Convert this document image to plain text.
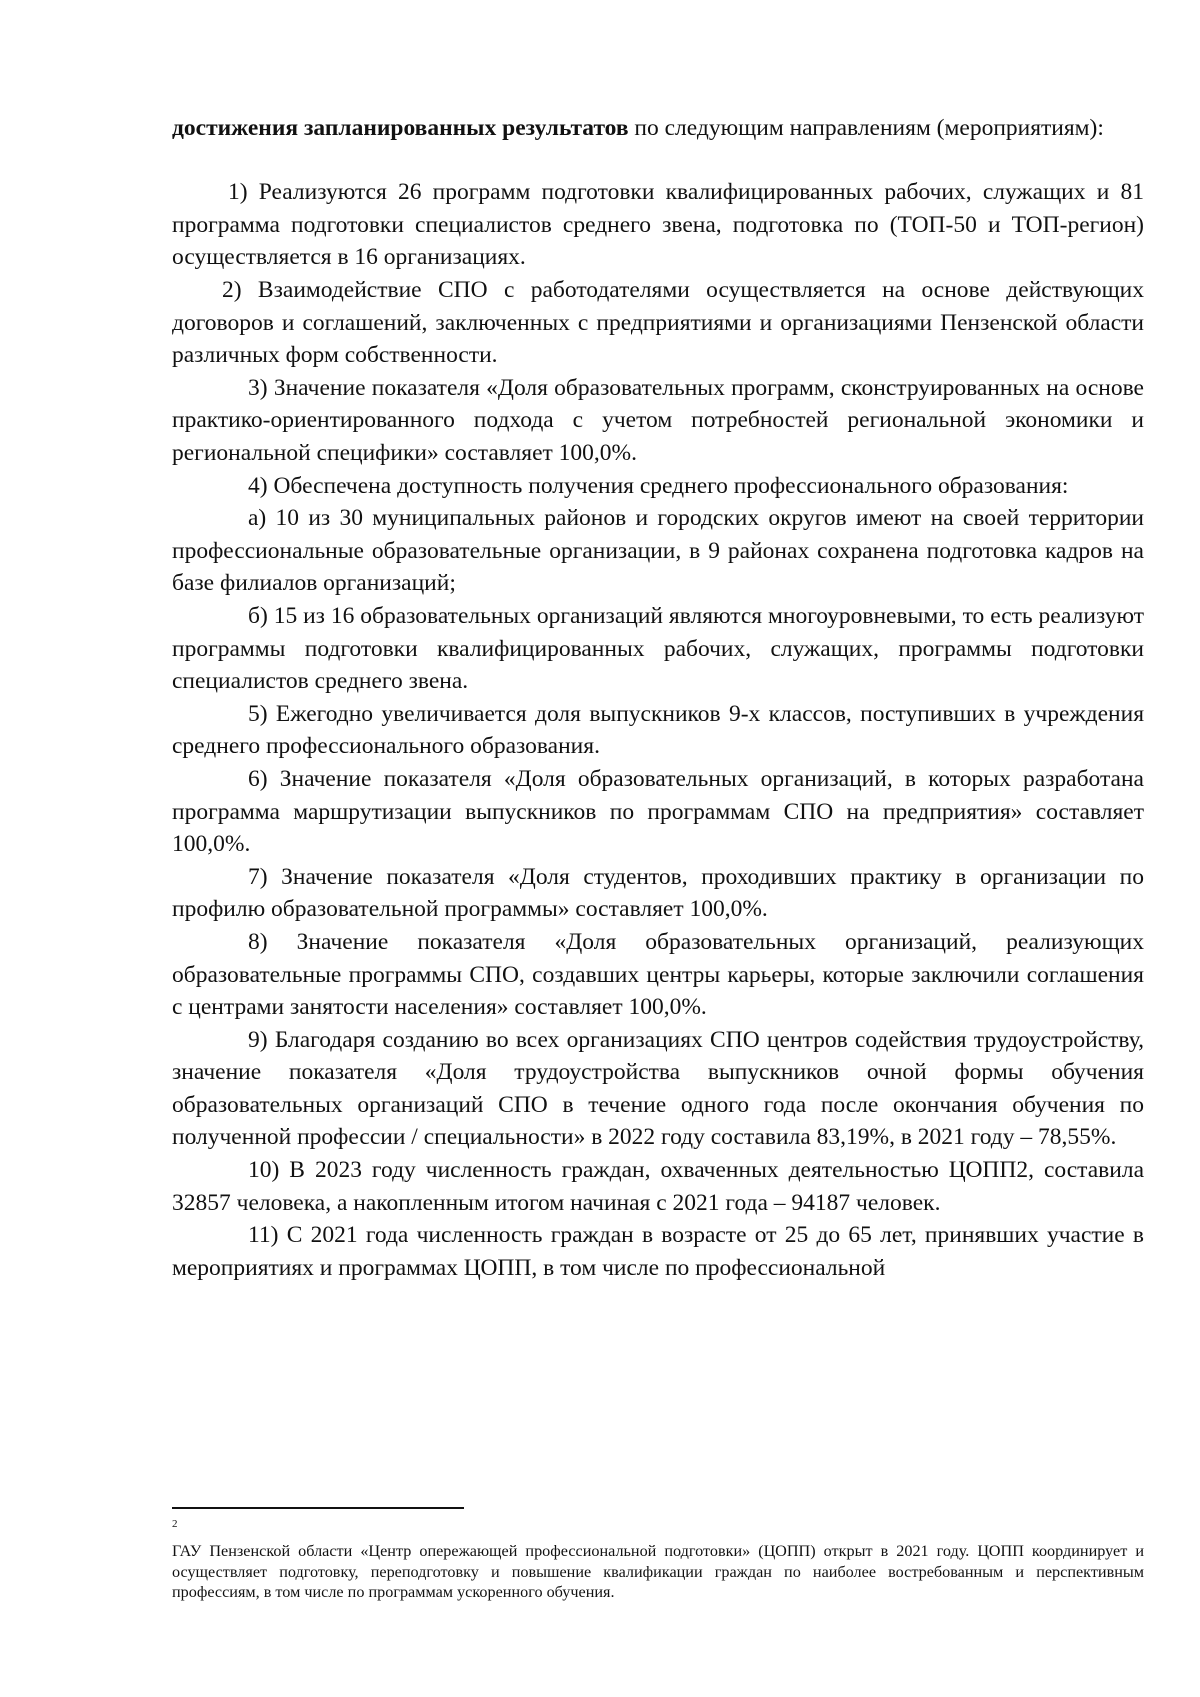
достижения запланированных результатов по следующим направлениям (мероприятиям):

1) Реализуются 26 программ подготовки квалифицированных рабочих, служащих и 81 программа подготовки специалистов среднего звена, подготовка по (ТОП-50 и ТОП-регион) осуществляется в 16 организациях.

2) Взаимодействие СПО с работодателями осуществляется на основе действующих договоров и соглашений, заключенных с предприятиями и организациями Пензенской области различных форм собственности.

3) Значение показателя «Доля образовательных программ, сконструированных на основе практико-ориентированного подхода с учетом потребностей региональной экономики и региональной специфики» составляет 100,0%.

4) Обеспечена доступность получения среднего профессионального образования:

а) 10 из 30 муниципальных районов и городских округов имеют на своей территории профессиональные образовательные организации, в 9 районах сохранена подготовка кадров на базе филиалов организаций;

б) 15 из 16 образовательных организаций являются многоуровневыми, то есть реализуют программы подготовки квалифицированных рабочих, служащих, программы подготовки специалистов среднего звена.

5) Ежегодно увеличивается доля выпускников 9-х классов, поступивших в учреждения среднего профессионального образования.

6) Значение показателя «Доля образовательных организаций, в которых разработана программа маршрутизации выпускников по программам СПО на предприятия» составляет 100,0%.

7) Значение показателя «Доля студентов, проходивших практику в организации по профилю образовательной программы» составляет 100,0%.

8) Значение показателя «Доля образовательных организаций, реализующих образовательные программы СПО, создавших центры карьеры, которые заключили соглашения с центрами занятости населения» составляет 100,0%.

9) Благодаря созданию во всех организациях СПО центров содействия трудоустройству, значение показателя «Доля трудоустройства выпускников очной формы обучения образовательных организаций СПО в течение одного года после окончания обучения по полученной профессии / специальности» в 2022 году составила 83,19%, в 2021 году – 78,55%.

10) В 2023 году численность граждан, охваченных деятельностью ЦОПП2, составила 32857 человека, а накопленным итогом начиная с 2021 года – 94187 человек.

11) С 2021 года численность граждан в возрасте от 25 до 65 лет, принявших участие в мероприятиях и программах ЦОПП, в том числе по профессиональной

2
ГАУ Пензенской области «Центр опережающей профессиональной подготовки» (ЦОПП) открыт в 2021 году. ЦОПП координирует и осуществляет подготовку, переподготовку и повышение квалификации граждан по наиболее востребованным и перспективным профессиям, в том числе по программам ускоренного обучения.
